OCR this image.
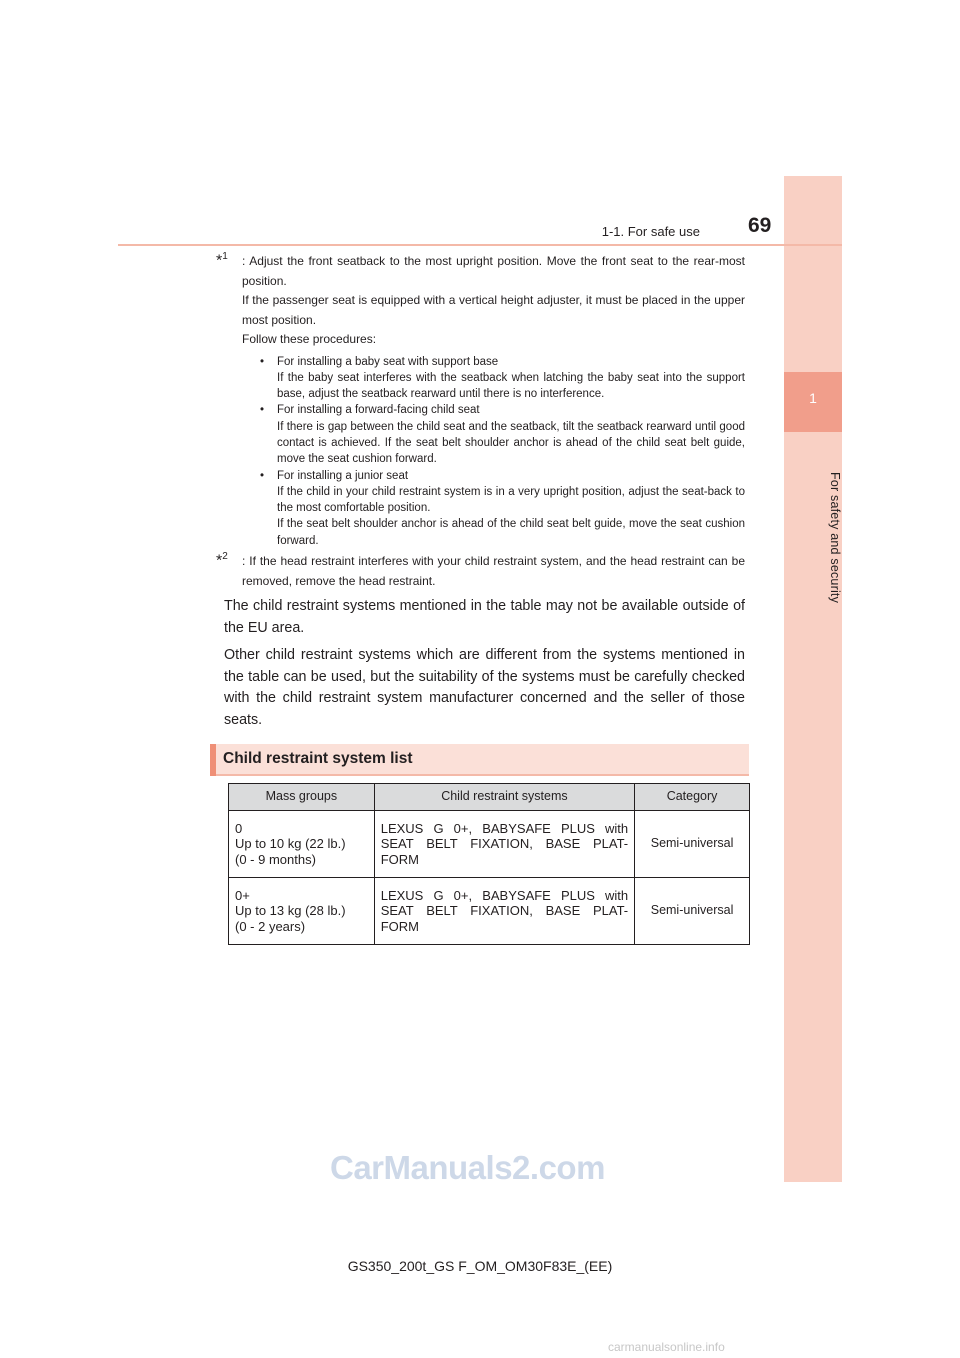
1
For safety and security
1-1. For safe use 69
*$^1$ : Adjust the front seatback to the most upright position. Move the front seat to the rear-most position.

If the passenger seat is equipped with a vertical height adjuster, it must be placed in the upper most position.

Follow these procedures:

• For installing a baby seat with support base
If the baby seat interferes with the seatback when latching the baby seat into the support base, adjust the seatback rearward until there is no interference.
• For installing a forward-facing child seat
If there is gap between the child seat and the seatback, tilt the seatback rearward until good contact is achieved. If the seat belt shoulder anchor is ahead of the child seat belt guide, move the seat cushion forward.
• For installing a junior seat
If the child in your child restraint system is in a very upright position, adjust the seat-back to the most comfortable position.
If the seat belt shoulder anchor is ahead of the child seat belt guide, move the seat cushion forward.
*$^2$ : If the head restraint interferes with your child restraint system, and the head restraint can be removed, remove the head restraint.

The child restraint systems mentioned in the table may not be available outside of the EU area.

Other child restraint systems which are different from the systems mentioned in the table can be used, but the suitability of the systems must be carefully checked with the child restraint system manufacturer concerned and the seller of those seats.

Child restraint system list
Mass groups	Child restraint systems	Category

0
Up to 10 kg (22 lb.)
(0 - 9 months)	LEXUS G 0+, BABYSAFE PLUS with SEAT BELT FIXATION, BASE PLAT-FORM	Semi-universal

0+
Up to 13 kg (28 lb.)
(0 - 2 years)	LEXUS G 0+, BABYSAFE PLUS with SEAT BELT FIXATION, BASE PLAT-FORM	Semi-universal
CarManuals2.com
GS350_200t_GS F_OM_OM30F83E_(EE)
carmanualsonline.info
